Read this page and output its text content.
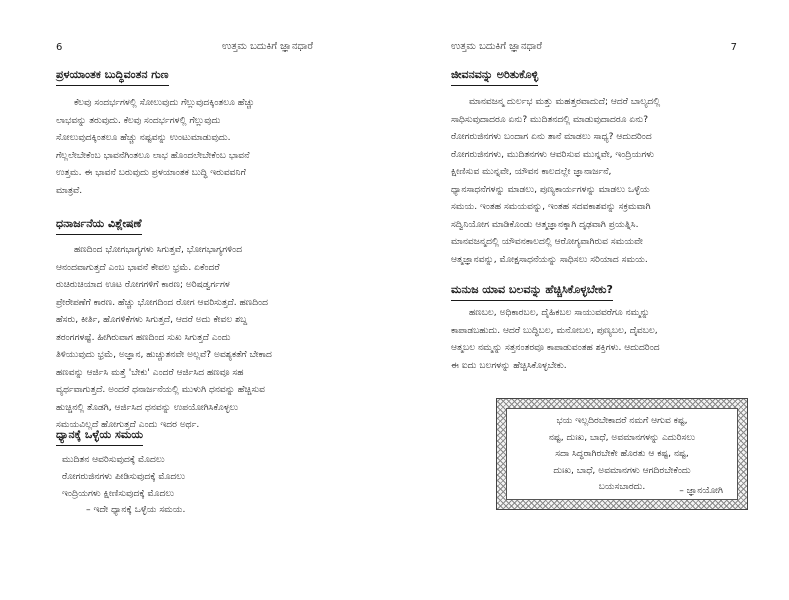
6	ಉತ್ತಮ ಬದುಕಿಗೆ ಜ್ಞಾನಧಾರೆ
ಪ್ರಳಯಾಂತಕ ಬುದ್ಧಿವಂತನ ಗುಣ
ಕೆಲವು ಸಂದರ್ಭಗಳಲ್ಲಿ ಸೋಲುವುದು ಗೆಲ್ಲುವುದಕ್ಕಿಂತಲೂ ಹೆಚ್ಚು
ಲಾಭವನ್ನು ತರುವುದು. ಕೆಲವು ಸಂದರ್ಭಗಳಲ್ಲಿ ಗೆಲ್ಲುವುದು
ಸೋಲುವುದಕ್ಕಿಂತಲೂ ಹೆಚ್ಚು ನಷ್ಟವನ್ನು ಉಂಟುಮಾಡುವುದು.
ಗೆಲ್ಲಲೇಬೇಕೆಂಬ ಭಾವನೆಗಿಂತಲೂ ಲಾಭ ಹೊಂದಲೇಬೇಕೆಂಬ ಭಾವನೆ
ಉತ್ತಮ. ಈ ಭಾವನೆ ಬರುವುದು ಪ್ರಳಯಾಂತಕ ಬುದ್ಧಿ ಇರುವವನಿಗೆ
ಮಾತ್ರವೆ.
ಧನಾರ್ಜನೆಯ ವಿಶ್ಲೇಷಣೆ
ಹಣದಿಂದ ಭೋಗಭಾಗ್ಯಗಳು ಸಿಗುತ್ತವೆ, ಭೋಗಭಾಗ್ಯಗಳಿಂದ
ಆನಂದವಾಗುತ್ತದೆ ಎಂಬ ಭಾವನೆ ಕೇವಲ ಭ್ರಮೆ. ಏಕೆಂದರೆ
ರುಚಿರುಚಿಯಾದ ಊಟ ರೋಗಗಳಿಗೆ ಕಾರಣ; ಅರಿಷಡ್ವರ್ಗಗಳ
ಪ್ರೇರೇಪಣೆಗೆ ಕಾರಣ. ಹೆಚ್ಚು ಭೋಗದಿಂದ ರೋಗ ಆವರಿಸುತ್ತದೆ. ಹಣದಿಂದ
ಹೆಸರು, ಕೀರ್ತಿ, ಹೊಗಳಿಕೆಗಳು ಸಿಗುತ್ತದೆ, ಆದರೆ ಅದು ಕೇವಲ ಶಬ್ದ
ತರಂಗಗಳಷ್ಟೆ. ಹೀಗಿರುವಾಗ ಹಣದಿಂದ ಸುಖ ಸಿಗುತ್ತದೆ ಎಂದು
ತಿಳಿಯುವುದು ಭ್ರಮೆ, ಅಜ್ಞಾನ, ಹುಚ್ಚುತನವೇ ಅಲ್ಲವೆ? ಅವಶ್ಯಕತೆಗೆ ಬೇಕಾದ
ಹಣವನ್ನು ಆರ್ಜಿಸಿ ಮತ್ತೆ 'ಬೇಕು' ಎಂದರೆ ಆರ್ಜಿಸಿದ ಹಣವೂ ಸಹ
ವ್ಯರ್ಥವಾಗುತ್ತದೆ. ಅಂದರೆ ಧನಾರ್ಜನೆಯಲ್ಲಿ ಮುಳುಗಿ ಧನವನ್ನು ಹೆಚ್ಚಿಸುವ
ಹುಚ್ಚಿನಲ್ಲಿ ತೊಡಗಿ, ಆರ್ಜಿಸಿದ ಧನವನ್ನು ಉಪಯೋಗಿಸಿಕೊಳ್ಳಲು
ಸಮಯವಿಲ್ಲದೆ ಹೋಗುತ್ತದೆ ಎಂದು ಇದರ ಅರ್ಥ.
ಧ್ಯಾನಕ್ಕೆ ಒಳ್ಳೆಯ ಸಮಯ
ಮುದಿತನ ಆವರಿಸುವುದಕ್ಕೆ ಮೊದಲು
ರೋಗರುಜಿನಗಳು ಪೀಡಿಸುವುದಕ್ಕೆ ಮೊದಲು
ಇಂದ್ರಿಯಗಳು ಕ್ಷೀಣಿಸುವುದಕ್ಕೆ ಮೊದಲು
– ಇದೇ ಧ್ಯಾನಕ್ಕೆ ಒಳ್ಳೆಯ ಸಮಯ.
ಉತ್ತಮ ಬದುಕಿಗೆ ಜ್ಞಾನಧಾರೆ	7
ಜೀವನವನ್ನು ಅರಿತುಕೊಳ್ಳಿ
ಮಾನವಜನ್ಮ ದುರ್ಲಭ ಮತ್ತು ಮಹತ್ತರವಾದುದೆ; ಆದರೆ ಬಾಲ್ಯದಲ್ಲಿ
ಸಾಧಿಸುವುದಾದರೂ ಏನು? ಮುದಿತನದಲ್ಲಿ ಮಾಡುವುದಾದರೂ ಏನು?
ರೋಗರುಜಿನಗಳು ಬಂದಾಗ ಏನು ತಾನೆ ಮಾಡಲು ಸಾಧ್ಯ? ಆದುದರಿಂದ
ರೋಗರುಜಿನಗಳು, ಮುದಿತನಗಳು ಆವರಿಸುವ ಮುನ್ನವೇ, ಇಂದ್ರಿಯಗಳು
ಕ್ಷೀಣಿಸುವ ಮುನ್ನವೇ, ಯೌವನ ಕಾಲದಲ್ಲೇ ಜ್ಞಾನಾರ್ಜನೆ,
ಧ್ಯಾನಸಾಧನೆಗಳನ್ನು ಮಾಡಲು, ಪುಣ್ಯಕಾರ್ಯಗಳನ್ನು ಮಾಡಲು ಒಳ್ಳೆಯ
ಸಮಯ. ಇಂತಹ ಸಮಯವನ್ನು, ಇಂತಹ ಸದವಕಾಶವನ್ನು ಸಕ್ರಮವಾಗಿ
ಸದ್ವಿನಿಯೋಗ ಮಾಡಿಕೊಂಡು ಆತ್ಮಜ್ಞಾನಕ್ಕಾಗಿ ದೃಢವಾಗಿ ಪ್ರಯತ್ನಿಸಿ.
ಮಾನವಜನ್ಮದಲ್ಲಿ ಯೌವನಕಾಲದಲ್ಲಿ ಆರೋಗ್ಯವಾಗಿರುವ ಸಮಯವೇ
ಆತ್ಮಜ್ಞಾನವನ್ನು, ಮೋಕ್ಷಸಾಧನೆಯನ್ನು ಸಾಧಿಸಲು ಸರಿಯಾದ ಸಮಯ.
ಮನುಜ ಯಾವ ಬಲವನ್ನು ಹೆಚ್ಚಿಸಿಕೊಳ್ಳಬೇಕು?
ಹಣಬಲ, ಅಧಿಕಾರಬಲ, ದೈಹಿಕಬಲ ಸಾಯುವವರೆಗೂ ನಮ್ಮನ್ನು
ಕಾಪಾಡಬಹುದು. ಆದರೆ ಬುದ್ಧಿಬಲ, ಮನೋಬಲ, ಪುಣ್ಯಬಲ, ದೈವಬಲ,
ಆತ್ಮಬಲ ನಮ್ಮನ್ನು ಸತ್ತನಂತರವೂ ಕಾಪಾಡುವಂತಹ ಶಕ್ತಿಗಳು. ಆದುದರಿಂದ
ಈ ಐದು ಬಲಗಳನ್ನು ಹೆಚ್ಚಿಸಿಕೊಳ್ಳಬೇಕು.
ಭಯ ಇಲ್ಲದಿರಬೇಕಾದರೆ ನಮಗೆ ಆಗುವ ಕಷ್ಟ,
ನಷ್ಟ, ದುಃಖ, ಬಾಧೆ, ಅವಮಾನಗಳನ್ನು ಎದುರಿಸಲು
ಸದಾ ಸಿದ್ಧರಾಗಿರಬೇಕೇ ಹೊರತು ಆ ಕಷ್ಟ, ನಷ್ಟ,
ದುಃಖ, ಬಾಧೆ, ಅವಮಾನಗಳು ಆಗದಿರಬೇಕೆಂದು
ಬಯಸಬಾರದು.	– ಜ್ಞಾನಯೋಗಿ
